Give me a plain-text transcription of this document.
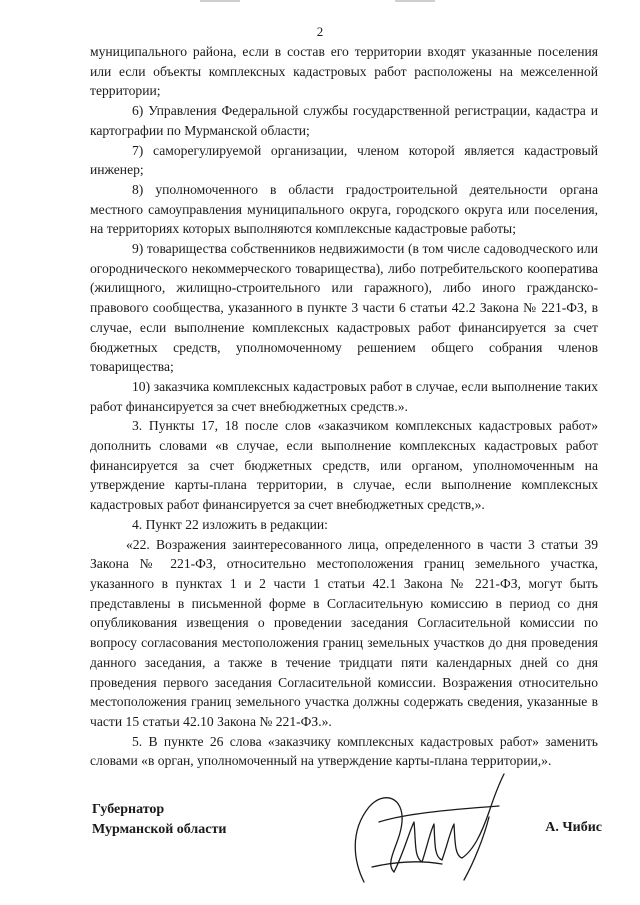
2

муниципального района, если в состав его территории входят указанные поселения или если объекты комплексных кадастровых работ расположены на межселенной территории;

6) Управления Федеральной службы государственной регистрации, кадастра и картографии по Мурманской области;

7) саморегулируемой организации, членом которой является кадастровый инженер;

8) уполномоченного в области градостроительной деятельности органа местного самоуправления муниципального округа, городского округа или поселения, на территориях которых выполняются комплексные кадастровые работы;

9) товарищества собственников недвижимости (в том числе садоводческого или огороднического некоммерческого товарищества), либо потребительского кооператива (жилищного, жилищно-строительного или гаражного), либо иного гражданско-правового сообщества, указанного в пункте 3 части 6 статьи 42.2 Закона № 221-ФЗ, в случае, если выполнение комплексных кадастровых работ финансируется за счет бюджетных средств, уполномоченному решением общего собрания членов товарищества;

10) заказчика комплексных кадастровых работ в случае, если выполнение таких работ финансируется за счет внебюджетных средств.».

3. Пункты 17, 18 после слов «заказчиком комплексных кадастровых работ» дополнить словами «в случае, если выполнение комплексных кадастровых работ финансируется за счет бюджетных средств, или органом, уполномоченным на утверждение карты-плана территории, в случае, если выполнение комплексных кадастровых работ финансируется за счет внебюджетных средств,».

4. Пункт 22 изложить в редакции:

«22. Возражения заинтересованного лица, определенного в части 3 статьи 39 Закона № 221-ФЗ, относительно местоположения границ земельного участка, указанного в пунктах 1 и 2 части 1 статьи 42.1 Закона № 221-ФЗ, могут быть представлены в письменной форме в Согласительную комиссию в период со дня опубликования извещения о проведении заседания Согласительной комиссии по вопросу согласования местоположения границ земельных участков до дня проведения данного заседания, а также в течение тридцати пяти календарных дней со дня проведения первого заседания Согласительной комиссии. Возражения относительно местоположения границ земельного участка должны содержать сведения, указанные в части 15 статьи 42.10 Закона № 221-ФЗ.».

5. В пункте 26 слова «заказчику комплексных кадастровых работ» заменить словами «в орган, уполномоченный на утверждение карты-плана территории,».

Губернатор
Мурманской области	А. Чибис
